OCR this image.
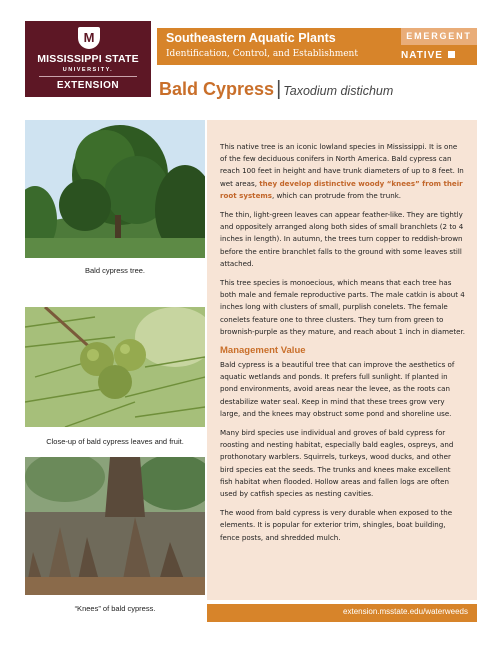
M
MISSISSIPPI STATE
UNIVERSITY.
EXTENSION
Southeastern Aquatic Plants
Identification, Control, and Establishment
EMERGENT
NATIVE
Bald Cypress | Taxodium distichum
Bald cypress tree.
Close-up of bald cypress leaves and fruit.
“Knees” of bald cypress.

This native tree is an iconic lowland species in Mississippi. It is one of the few deciduous conifers in North America. Bald cypress can reach 100 feet in height and have trunk diameters of up to 8 feet. In wet areas, they develop distinctive woody “knees” from their root systems, which can protrude from the trunk.

The thin, light-green leaves can appear feather-like. They are tightly and oppositely arranged along both sides of small branchlets (2 to 4 inches in length). In autumn, the trees turn copper to reddish-brown before the entire branchlet falls to the ground with some leaves still attached.

This tree species is monoecious, which means that each tree has both male and female reproductive parts. The male catkin is about 4 inches long with clusters of small, purplish conelets. The female conelets feature one to three clusters. They turn from green to brownish-purple as they mature, and reach about 1 inch in diameter.

Management Value

Bald cypress is a beautiful tree that can improve the aesthetics of aquatic wetlands and ponds. It prefers full sunlight. If planted in pond environments, avoid areas near the levee, as the roots can destabilize water seal. Keep in mind that these trees grow very large, and the knees may obstruct some pond and shoreline use.

Many bird species use individual and groves of bald cypress for roosting and nesting habitat, especially bald eagles, ospreys, and prothonotary warblers. Squirrels, turkeys, wood ducks, and other bird species eat the seeds. The trunks and knees make excellent fish habitat when flooded. Hollow areas and fallen logs are often used by catfish species as nesting cavities.

The wood from bald cypress is very durable when exposed to the elements. It is popular for exterior trim, shingles, boat building, fence posts, and shredded mulch.

extension.msstate.edu/waterweeds
